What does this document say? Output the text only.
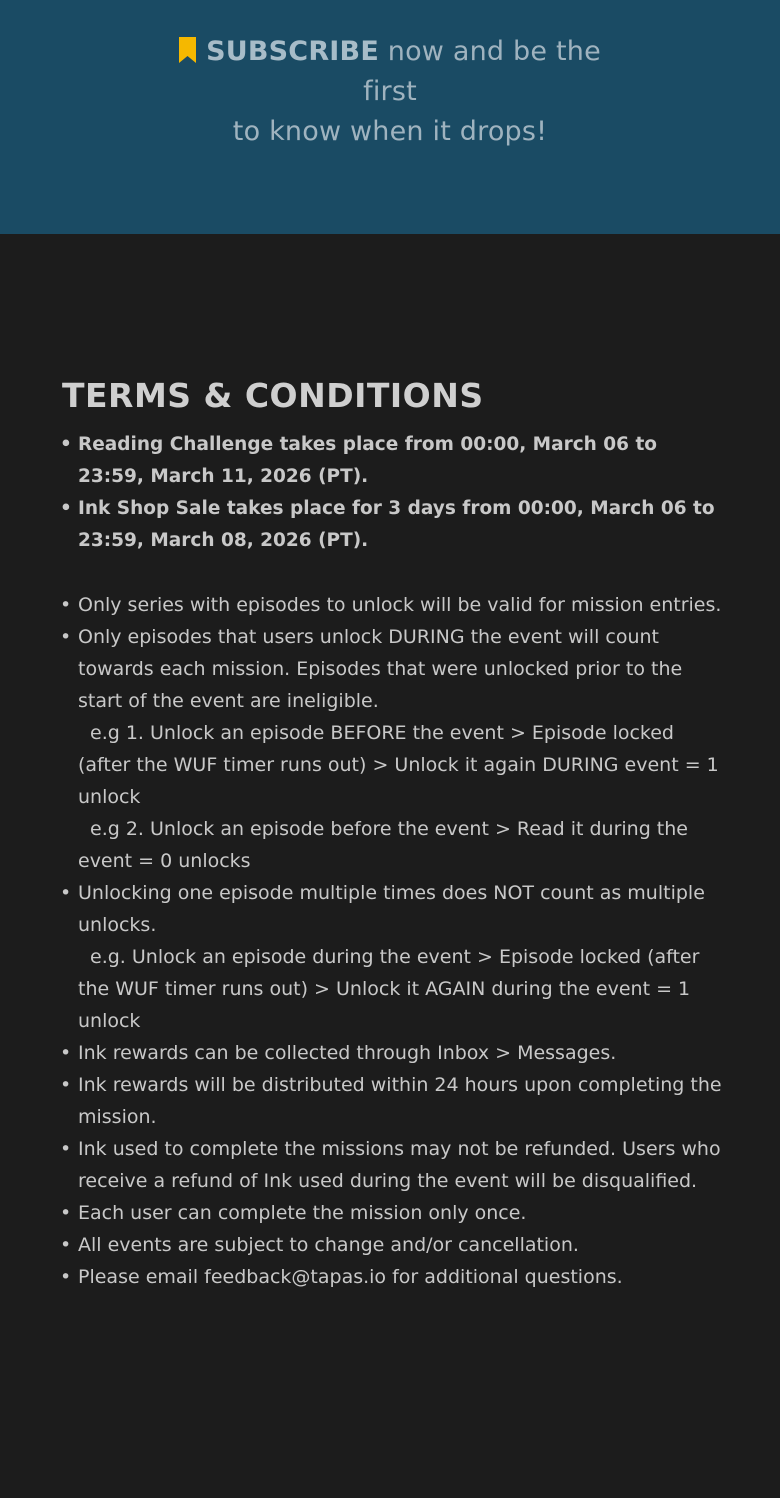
SUBSCRIBE now and be the first
to know when it drops!
TERMS & CONDITIONS
• Reading Challenge takes place from 00:00, March 06 to 23:59, March 11, 2026 (PT).
• Ink Shop Sale takes place for 3 days from 00:00, March 06 to 23:59, March 08, 2026 (PT).
• Only series with episodes to unlock will be valid for mission entries.
• Only episodes that users unlock DURING the event will count towards each mission. Episodes that were unlocked prior to the start of the event are ineligible.
e.g 1. Unlock an episode BEFORE the event > Episode locked (after the WUF timer runs out) > Unlock it again DURING event = 1 unlock
e.g 2. Unlock an episode before the event > Read it during the event = 0 unlocks
• Unlocking one episode multiple times does NOT count as multiple unlocks.
e.g. Unlock an episode during the event > Episode locked (after the WUF timer runs out) > Unlock it AGAIN during the event = 1 unlock
• Ink rewards can be collected through Inbox > Messages.
• Ink rewards will be distributed within 24 hours upon completing the mission.
• Ink used to complete the missions may not be refunded. Users who receive a refund of Ink used during the event will be disqualified.
• Each user can complete the mission only once.
• All events are subject to change and/or cancellation.
• Please email feedback@tapas.io for additional questions.
